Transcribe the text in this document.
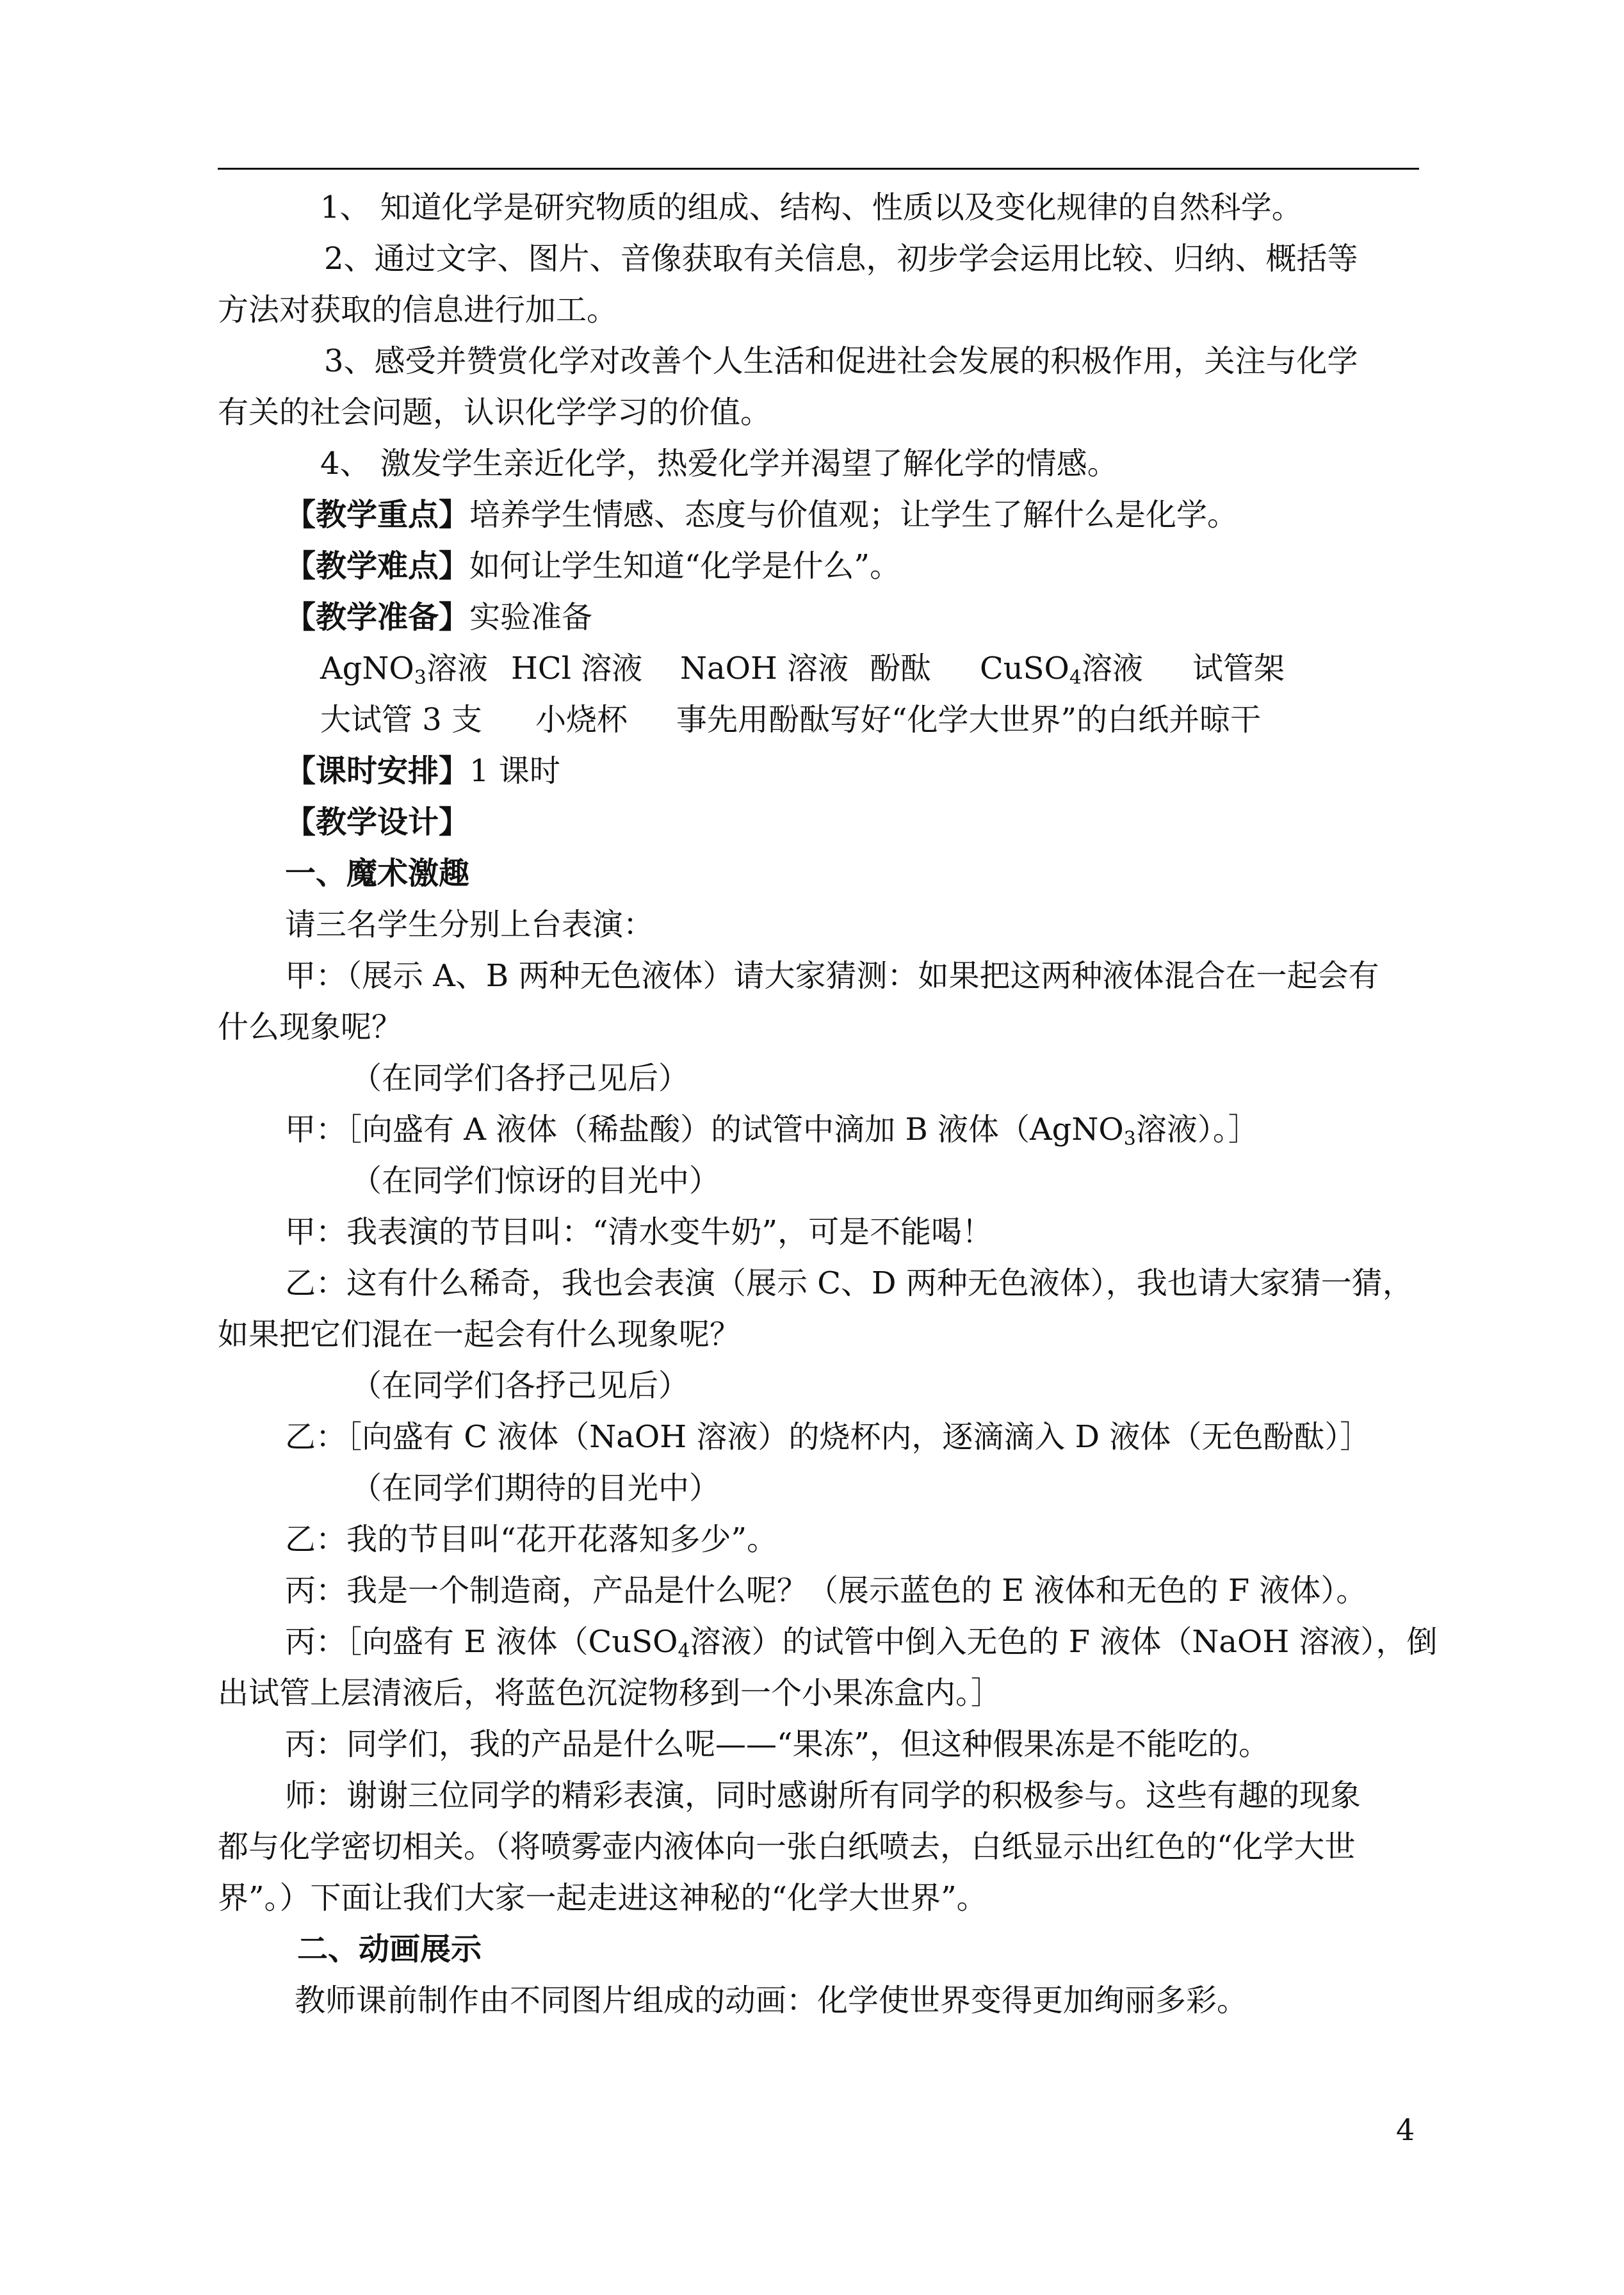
1、 知道化学是研究物质的组成、结构、性质以及变化规律的自然科学。
2、通过文字、图片、音像获取有关信息，初步学会运用比较、归纳、概括等
方法对获取的信息进行加工。
3、感受并赞赏化学对改善个人生活和促进社会发展的积极作用，关注与化学
有关的社会问题，认识化学学习的价值。
4、 激发学生亲近化学，热爱化学并渴望了解化学的情感。
【教学重点】培养学生情感、态度与价值观；让学生了解什么是化学。
【教学难点】如何让学生知道“化学是什么”。
【教学准备】实验准备
AgNO$_3$溶液 HCl 溶液 NaOH 溶液 酚酞 CuSO$_4$溶液 试管架
大试管 3 支 小烧杯 事先用酚酞写好“化学大世界”的白纸并晾干
【课时安排】1 课时
【教学设计】
一、魔术激趣
请三名学生分别上台表演：
甲：（展示 A、B 两种无色液体）请大家猜测：如果把这两种液体混合在一起会有
什么现象呢？
（在同学们各抒己见后）
甲：［向盛有 A 液体（稀盐酸）的试管中滴加 B 液体（AgNO$_3$溶液）。］
（在同学们惊讶的目光中）
甲：我表演的节目叫：“清水变牛奶”，可是不能喝！
乙：这有什么稀奇，我也会表演（展示 C、D 两种无色液体），我也请大家猜一猜，
如果把它们混在一起会有什么现象呢？
（在同学们各抒己见后）
乙：［向盛有 C 液体（NaOH 溶液）的烧杯内，逐滴滴入 D 液体（无色酚酞）］
（在同学们期待的目光中）
乙：我的节目叫“花开花落知多少”。
丙：我是一个制造商，产品是什么呢？（展示蓝色的 E 液体和无色的 F 液体）。
丙：［向盛有 E 液体（CuSO$_4$溶液）的试管中倒入无色的 F 液体（NaOH 溶液），倒
出试管上层清液后，将蓝色沉淀物移到一个小果冻盒内。］
丙：同学们，我的产品是什么呢——“果冻”，但这种假果冻是不能吃的。
师：谢谢三位同学的精彩表演，同时感谢所有同学的积极参与。这些有趣的现象
都与化学密切相关。（将喷雾壶内液体向一张白纸喷去，白纸显示出红色的“化学大世
界”。）下面让我们大家一起走进这神秘的“化学大世界”。
二、动画展示
教师课前制作由不同图片组成的动画：化学使世界变得更加绚丽多彩。
4
